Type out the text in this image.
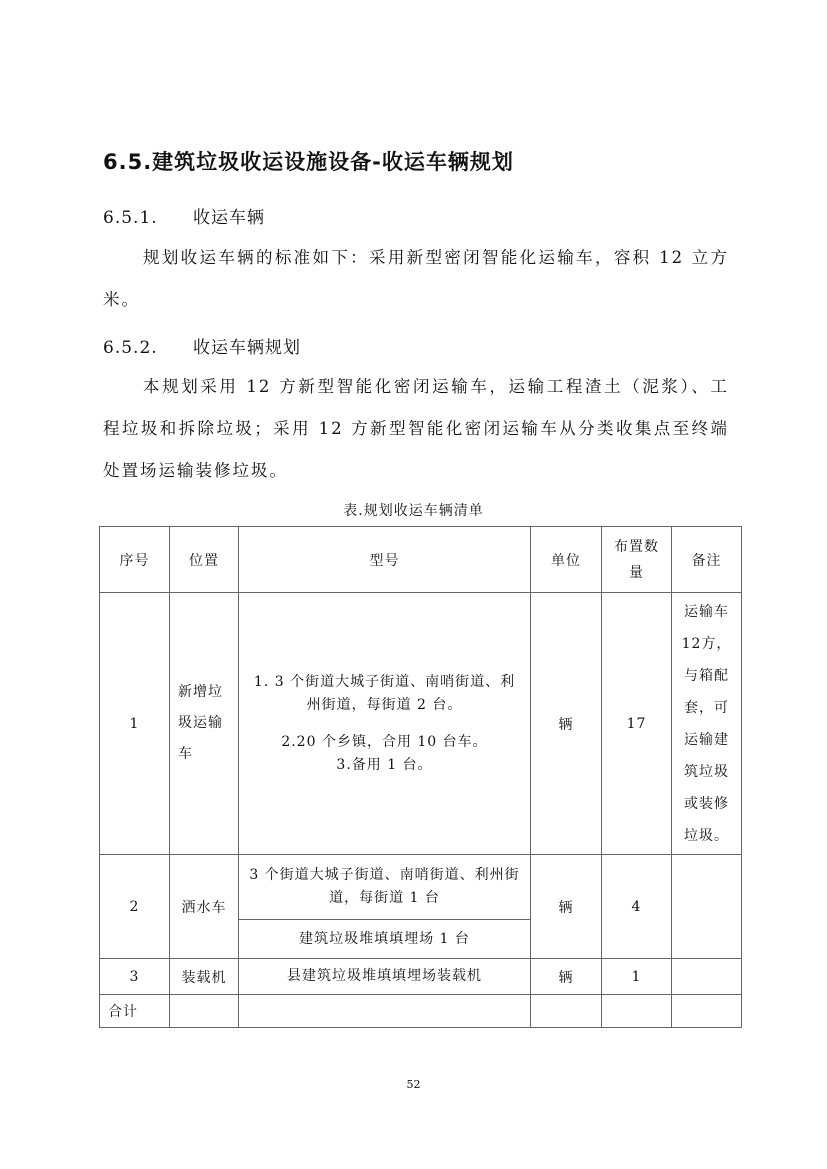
6.5.建筑垃圾收运设施设备-收运车辆规划
6.5.1. 收运车辆
规划收运车辆的标准如下：采用新型密闭智能化运输车，容积 12 立方米。
6.5.2. 收运车辆规划
本规划采用 12 方新型智能化密闭运输车，运输工程渣土（泥浆）、工程垃圾和拆除垃圾；采用 12 方新型智能化密闭运输车从分类收集点至终端处置场运输装修垃圾。
表.规划收运车辆清单
序号	位置	型号	单位	布置数量	备注
1	新增垃圾运输车	1. 3 个街道大城子街道、南哨街道、利州街道，每街道 2 台。
2.20 个乡镇，合用 10 台车。
3.备用 1 台。	辆	17	运输车12方，与箱配套，可运输建筑垃圾或装修垃圾。
2	洒水车	3 个街道大城子街道、南哨街道、利州街道，每街道 1 台	辆	4	
		建筑垃圾堆填填埋场 1 台			
3	装载机	县建筑垃圾堆填填埋场装载机	辆	1	
合计					
52
